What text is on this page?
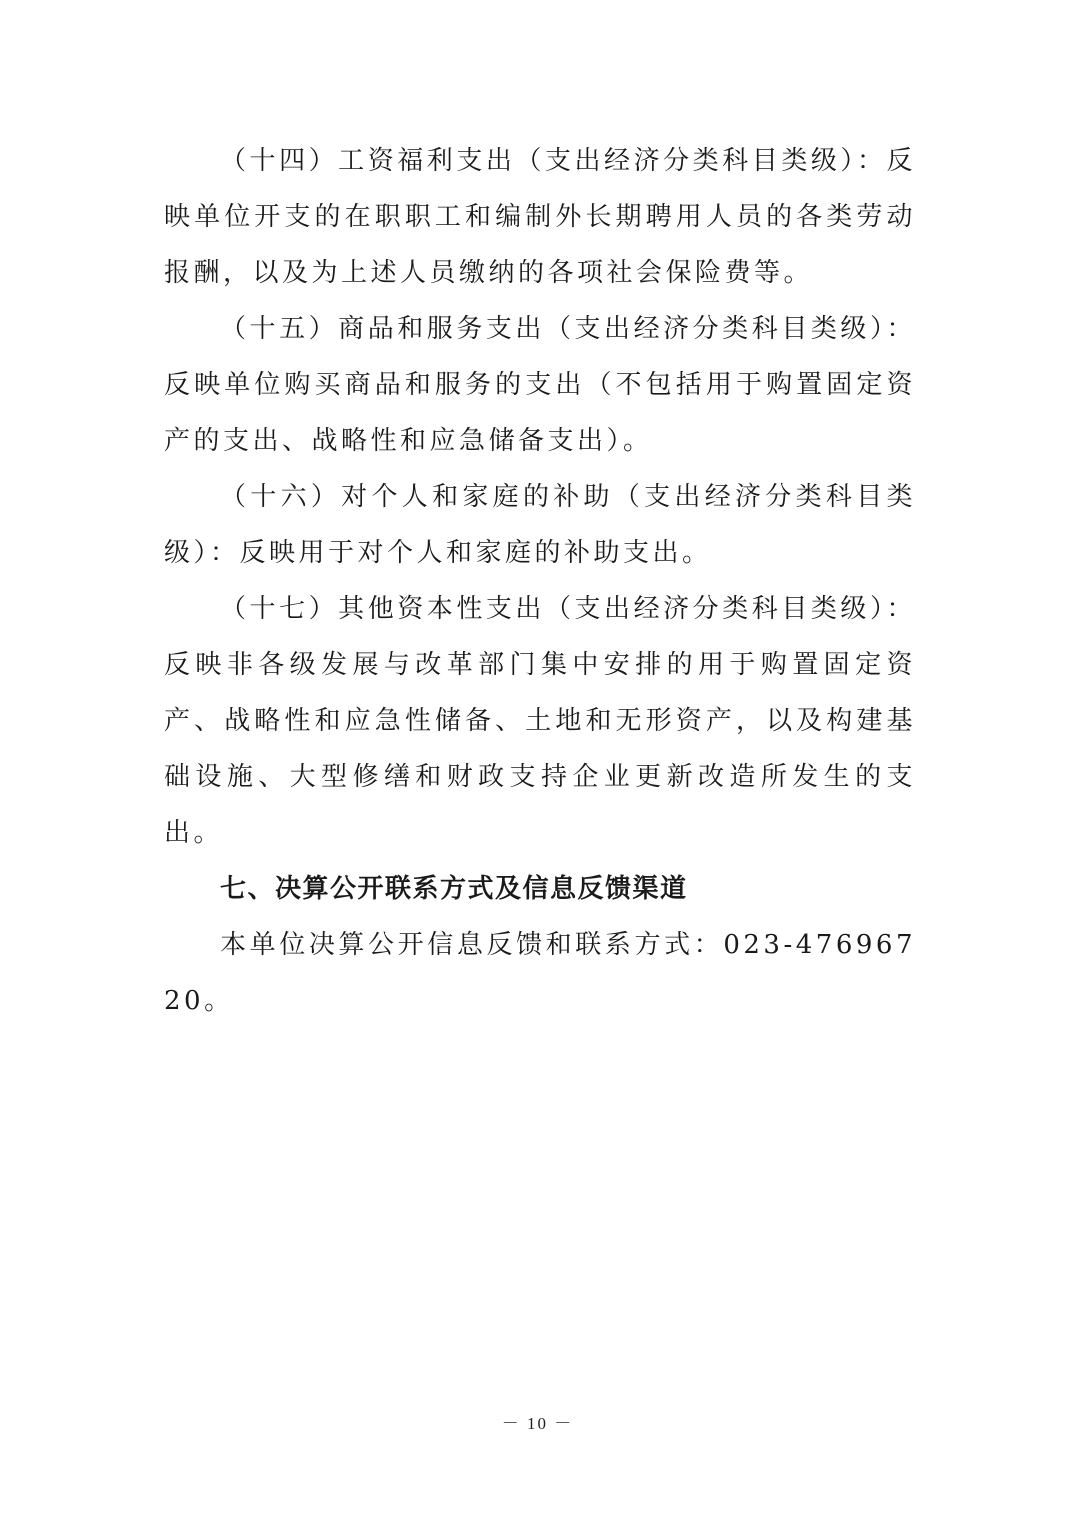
（十四）工资福利支出（支出经济分类科目类级）：反映单位开支的在职职工和编制外长期聘用人员的各类劳动报酬，以及为上述人员缴纳的各项社会保险费等。

（十五）商品和服务支出（支出经济分类科目类级）：反映单位购买商品和服务的支出（不包括用于购置固定资产的支出、战略性和应急储备支出）。

（十六）对个人和家庭的补助（支出经济分类科目类级）：反映用于对个人和家庭的补助支出。

（十七）其他资本性支出（支出经济分类科目类级）：反映非各级发展与改革部门集中安排的用于购置固定资产、战略性和应急性储备、土地和无形资产，以及构建基础设施、大型修缮和财政支持企业更新改造所发生的支出。

七、决算公开联系方式及信息反馈渠道

本单位决算公开信息反馈和联系方式：023-47696720。

－ 10 －
